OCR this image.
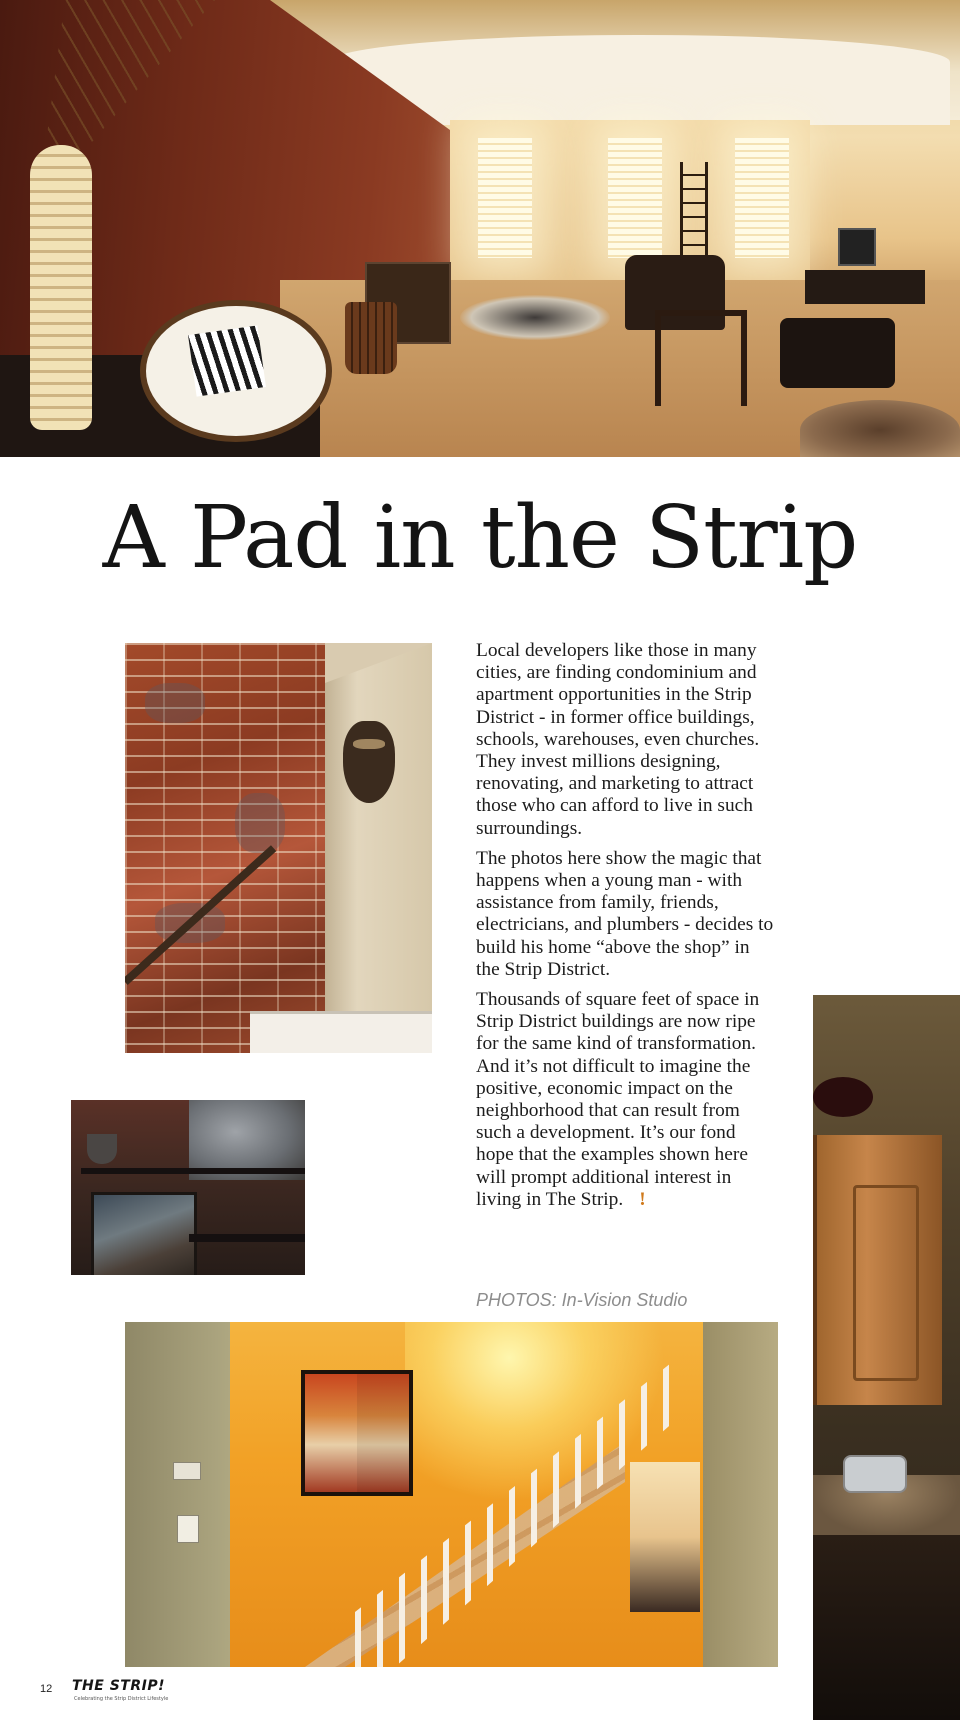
A Pad in the Strip

Local developers like those in many cities, are finding condominium and apartment opportunities in the Strip District - in former office buildings, schools, warehouses, even churches. They invest millions designing, renovating, and marketing to attract those who can afford to live in such surroundings.

The photos here show the magic that happens when a young man - with assistance from family, friends, electricians, and plumbers - decides to build his home “above the shop” in the Strip District.

Thousands of square feet of space in Strip District buildings are now ripe for the same kind of transformation. And it’s not difficult to imagine the positive, economic impact on the neighborhood that can result from such a development. It’s our fond hope that the examples shown here will prompt additional interest in living in The Strip. !

PHOTOS: In-Vision Studio

12 THE STRIP!
Celebrating the Strip District Lifestyle
